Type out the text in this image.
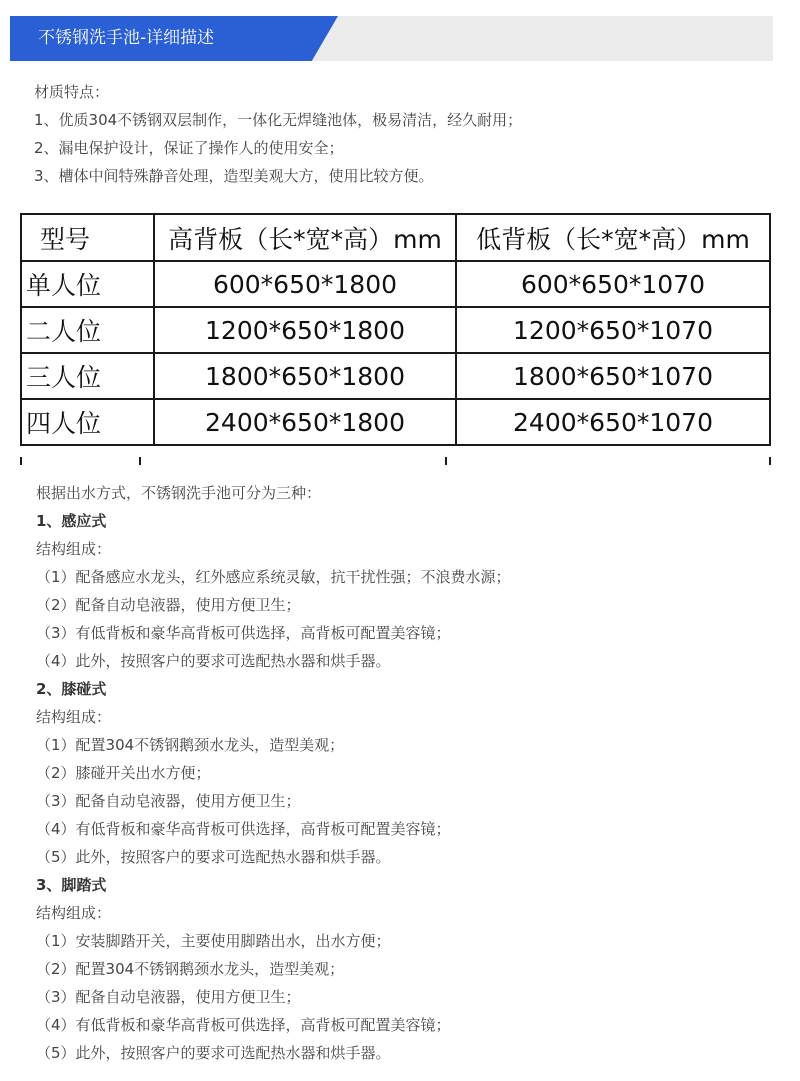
不锈钢洗手池-详细描述
材质特点：
1、优质304不锈钢双层制作，一体化无焊缝池体，极易清洁，经久耐用；
2、漏电保护设计，保证了操作人的使用安全；
3、槽体中间特殊静音处理，造型美观大方，使用比较方便。
型号	高背板（长*宽*高）mm	低背板（长*宽*高）mm
单人位	600*650*1800	600*650*1070
二人位	1200*650*1800	1200*650*1070
三人位	1800*650*1800	1800*650*1070
四人位	2400*650*1800	2400*650*1070
根据出水方式，不锈钢洗手池可分为三种：
1、感应式
结构组成：
（1）配备感应水龙头，红外感应系统灵敏，抗干扰性强；不浪费水源；
（2）配备自动皂液器，使用方便卫生；
（3）有低背板和豪华高背板可供选择，高背板可配置美容镜；
（4）此外，按照客户的要求可选配热水器和烘手器。
2、膝碰式
结构组成：
（1）配置304不锈钢鹅颈水龙头，造型美观；
（2）膝碰开关出水方便；
（3）配备自动皂液器，使用方便卫生；
（4）有低背板和豪华高背板可供选择，高背板可配置美容镜；
（5）此外，按照客户的要求可选配热水器和烘手器。
3、脚踏式
结构组成：
（1）安装脚踏开关，主要使用脚踏出水，出水方便；
（2）配置304不锈钢鹅颈水龙头，造型美观；
（3）配备自动皂液器，使用方便卫生；
（4）有低背板和豪华高背板可供选择，高背板可配置美容镜；
（5）此外，按照客户的要求可选配热水器和烘手器。
